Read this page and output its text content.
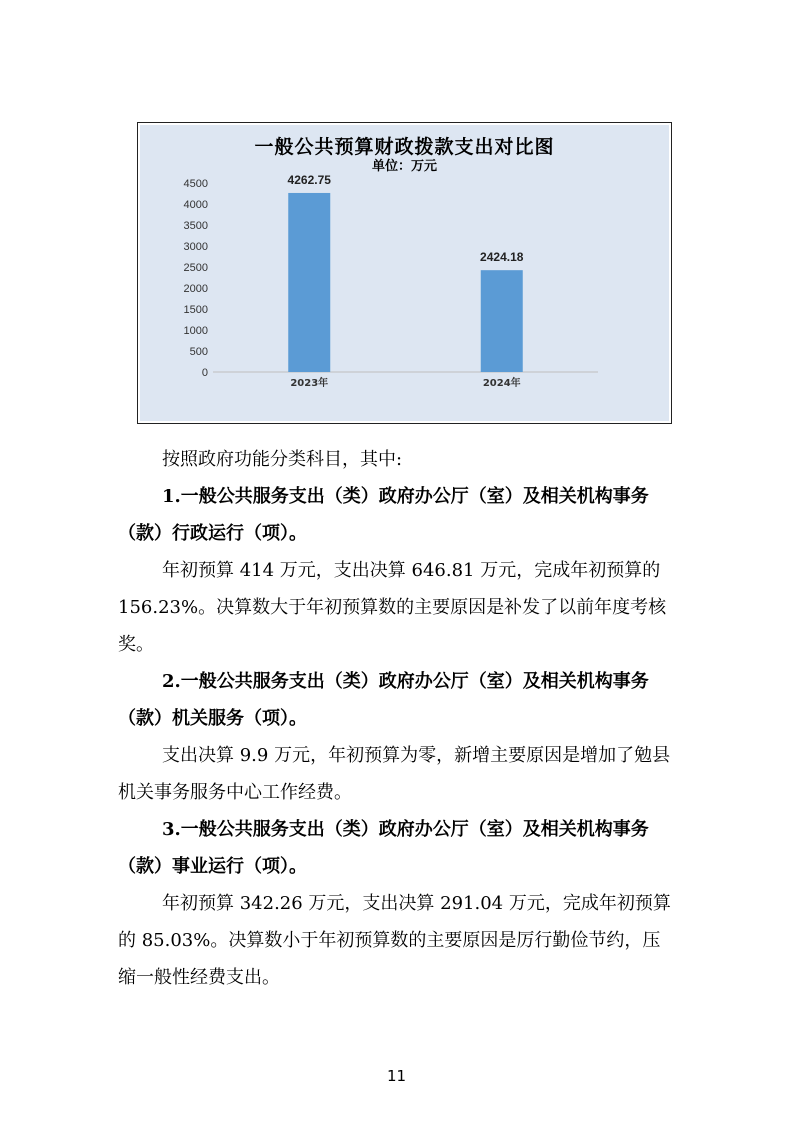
一般公共预算财政拨款支出对比图
单位：万元
0
500
1000
1500
2000
2500
3000
3500
4000
4500	4262.75
2023年
2424.18
2024年

按照政府功能分类科目，其中:

1.一般公共服务支出（类）政府办公厅（室）及相关机构事务（款）行政运行（项）。

年初预算 414 万元，支出决算 646.81 万元，完成年初预算的 156.23%。决算数大于年初预算数的主要原因是补发了以前年度考核奖。

2.一般公共服务支出（类）政府办公厅（室）及相关机构事务（款）机关服务（项）。

支出决算 9.9 万元，年初预算为零，新增主要原因是增加了勉县机关事务服务中心工作经费。

3.一般公共服务支出（类）政府办公厅（室）及相关机构事务（款）事业运行（项）。

年初预算 342.26 万元，支出决算 291.04 万元，完成年初预算的 85.03%。决算数小于年初预算数的主要原因是厉行勤俭节约，压缩一般性经费支出。

11
